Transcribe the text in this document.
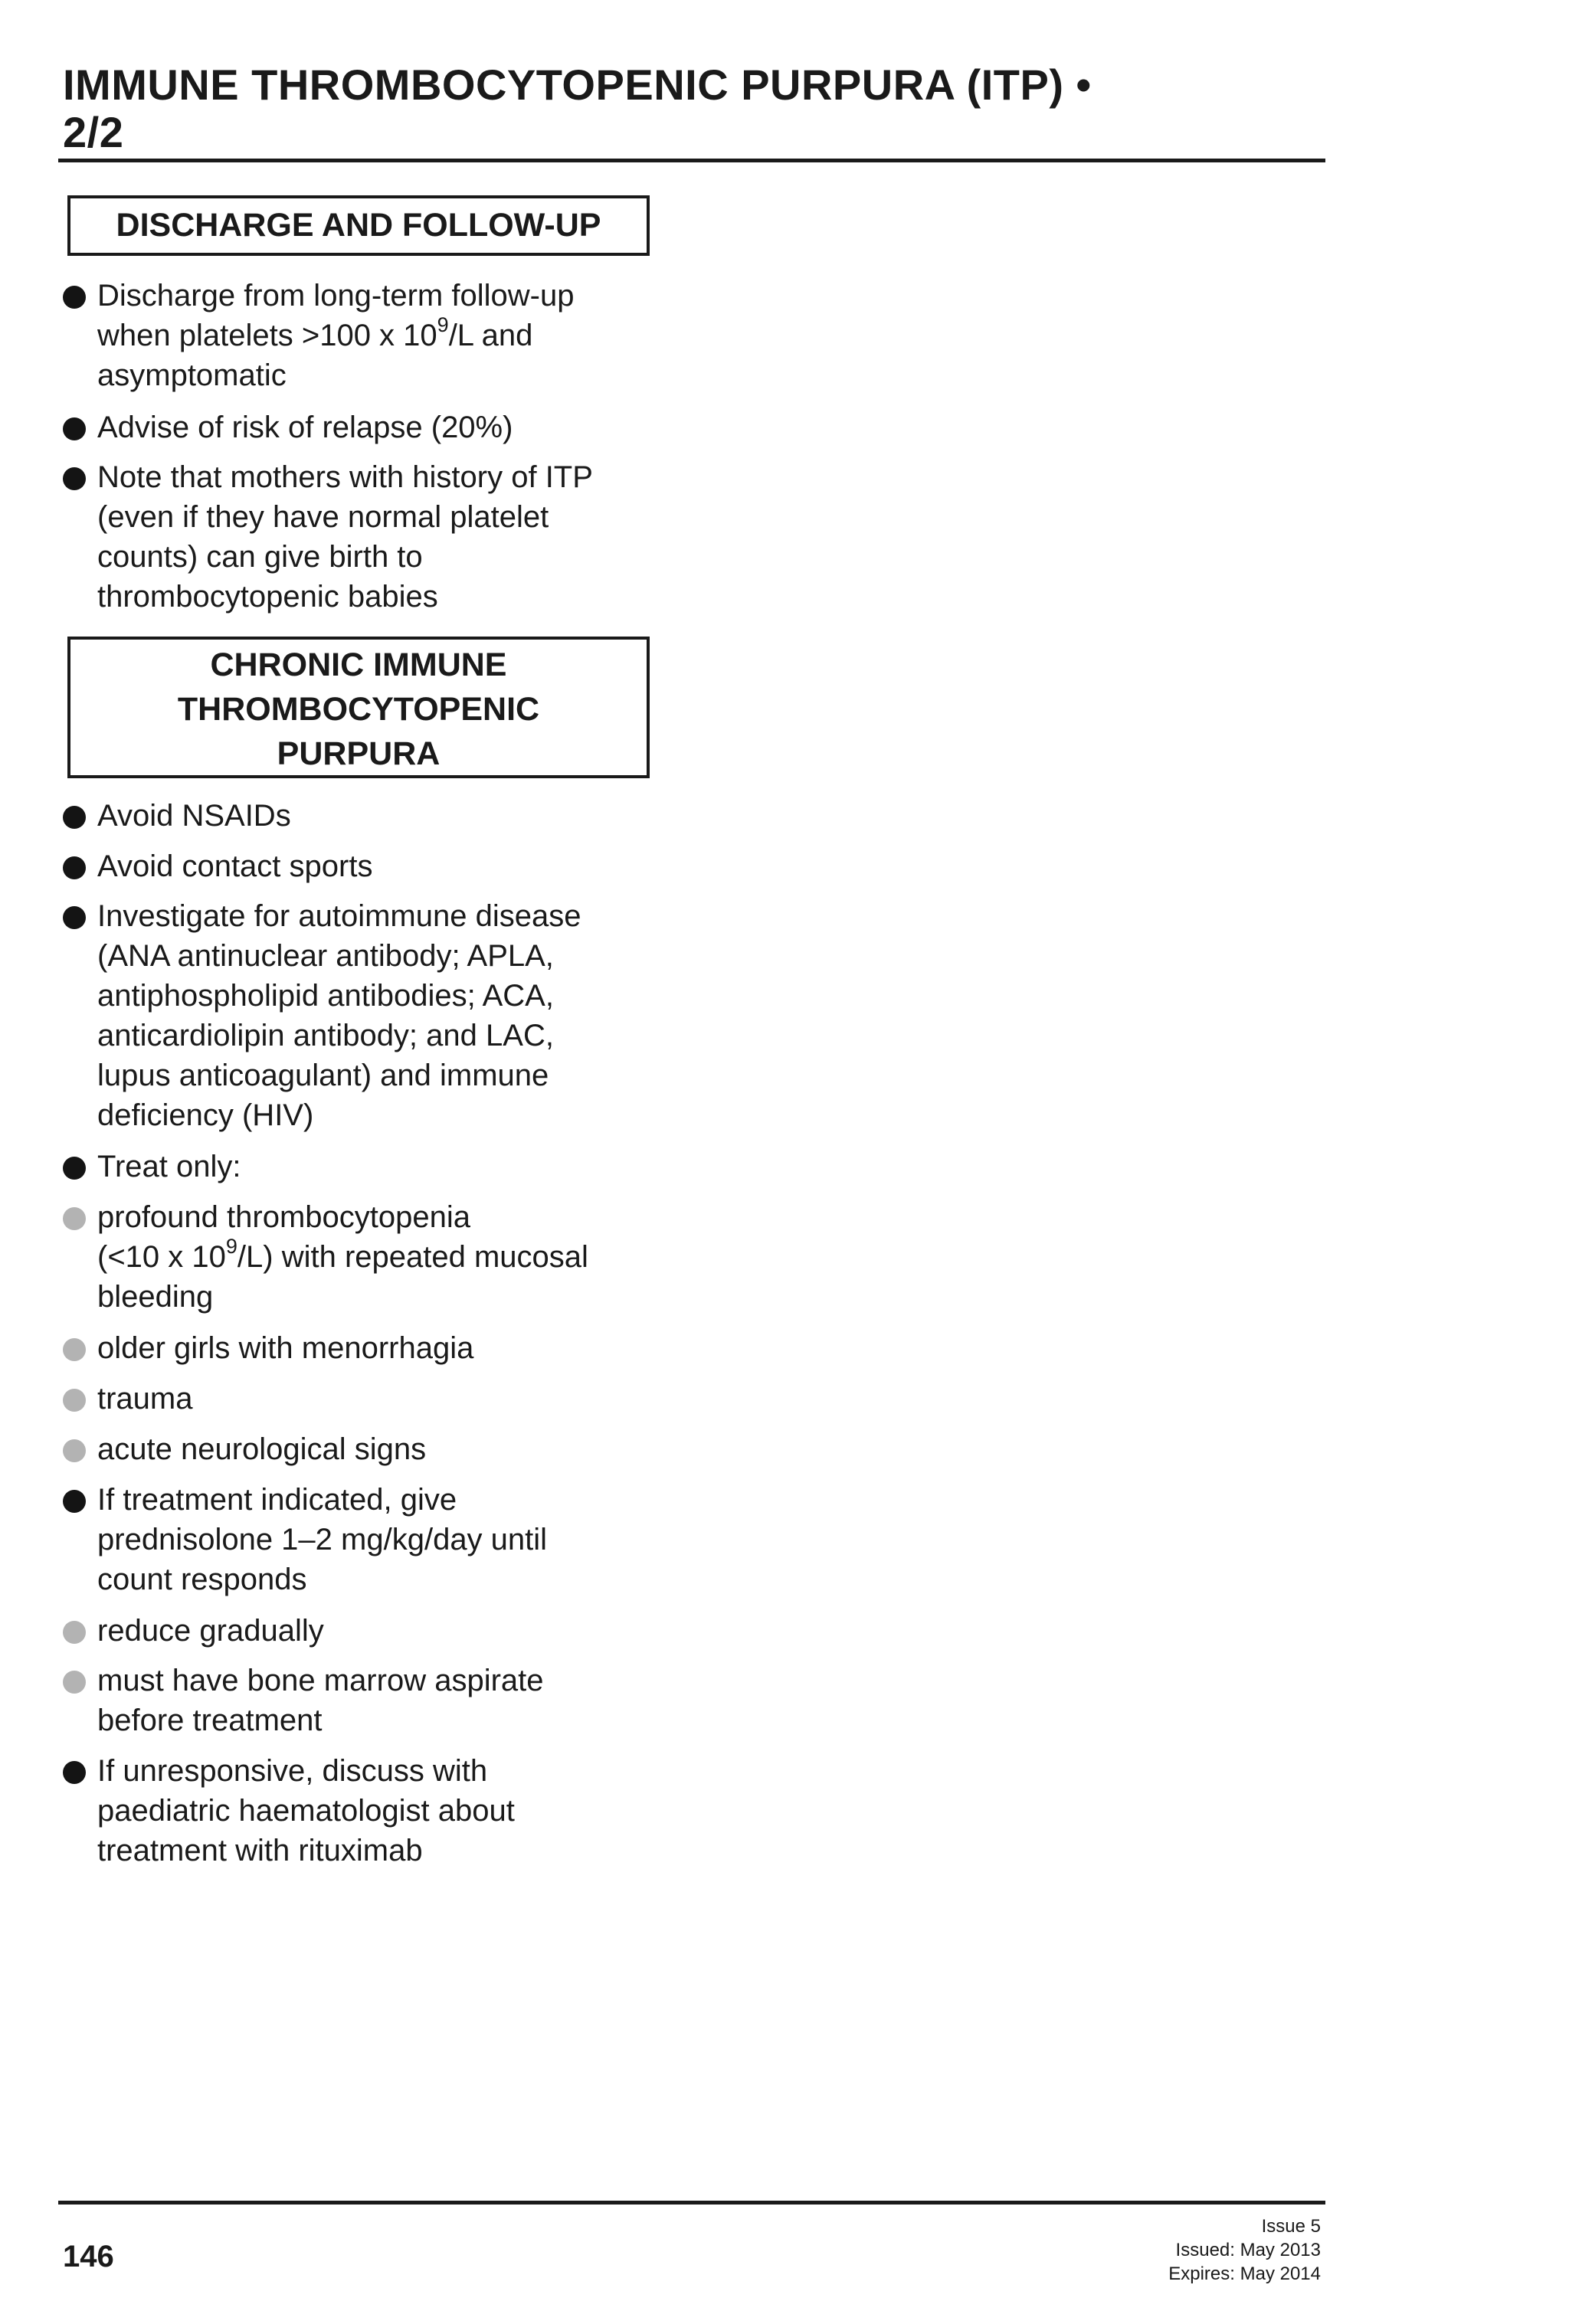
IMMUNE THROMBOCYTOPENIC PURPURA (ITP) •
2/2
DISCHARGE AND FOLLOW-UP
Discharge from long-term follow-up
when platelets >100 x $10^9/L$ and
asymptomatic
Advise of risk of relapse (20%)
Note that mothers with history of ITP
(even if they have normal platelet
counts) can give birth to
thrombocytopenic babies
CHRONIC IMMUNE
THROMBOCYTOPENIC
PURPURA
Avoid NSAIDs
Avoid contact sports
Investigate for autoimmune disease
(ANA antinuclear antibody; APLA,
antiphospholipid antibodies; ACA,
anticardiolipin antibody; and LAC,
lupus anticoagulant) and immune
deficiency (HIV)
Treat only:
profound thrombocytopenia
(<10 x $10^9/L$) with repeated mucosal
bleeding
older girls with menorrhagia
trauma
acute neurological signs
If treatment indicated, give
prednisolone 1–2 mg/kg/day until
count responds
reduce gradually
must have bone marrow aspirate
before treatment
If unresponsive, discuss with
paediatric haematologist about
treatment with rituximab
146
Issue 5
Issued: May 2013
Expires: May 2014
